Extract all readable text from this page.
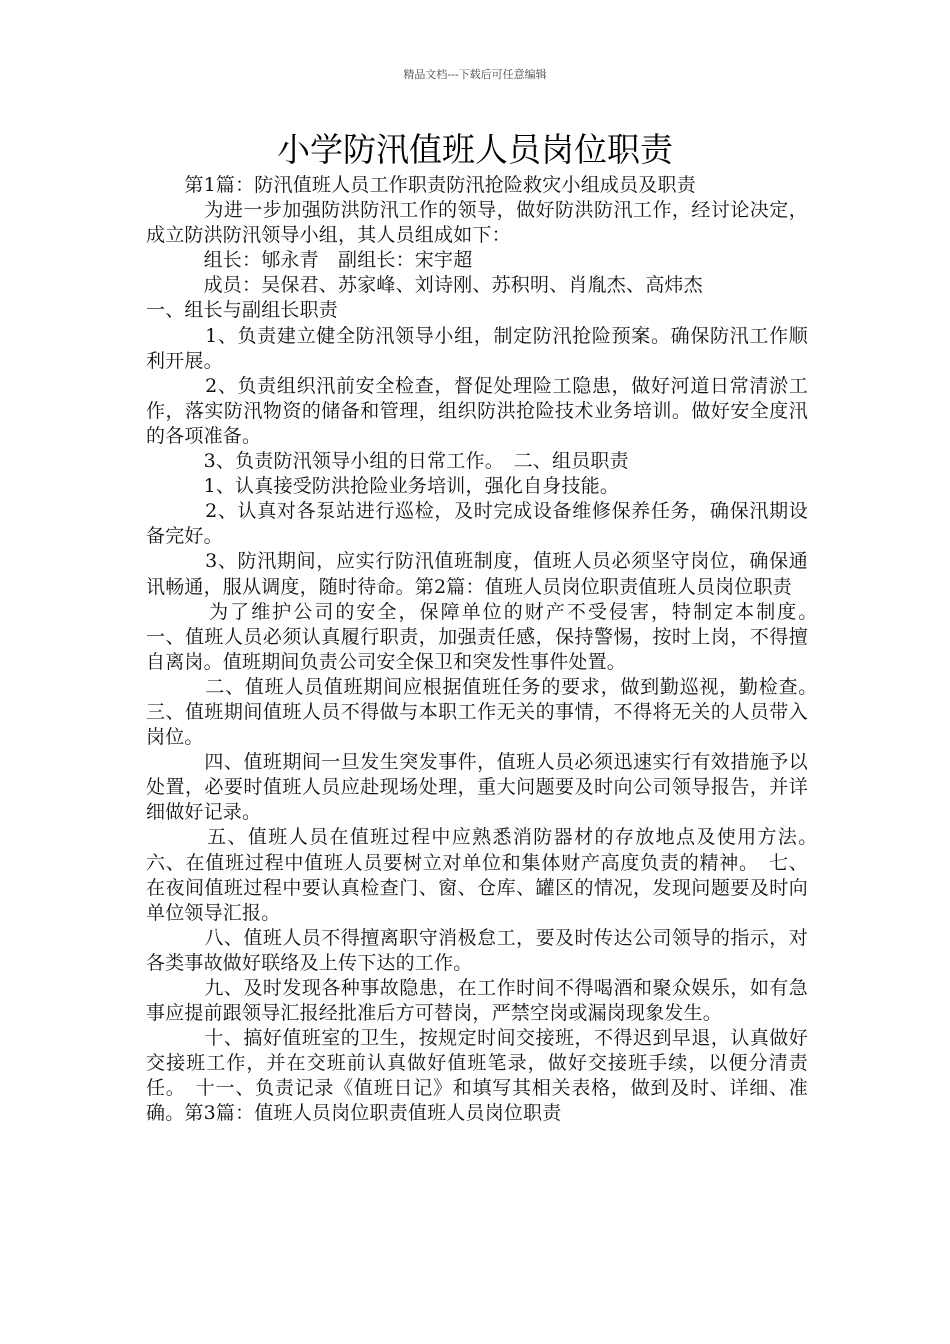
精品文档---下载后可任意编辑
小学防汛值班人员岗位职责

　　第1篇：防汛值班人员工作职责防汛抢险救灾小组成员及职责

　　　为进一步加强防洪防汛工作的领导，做好防洪防汛工作，经讨论决定，成立防洪防汛领导小组，其人员组成如下：

　　　组长：郇永青　副组长：宋宇超

　　　成员：吴保君、苏家峰、刘诗刚、苏积明、肖胤杰、高炜杰

一、组长与副组长职责

　　　1、负责建立健全防汛领导小组，制定防汛抢险预案。确保防汛工作顺利开展。

　　　2、负责组织汛前安全检查，督促处理险工隐患，做好河道日常清淤工作，落实防汛物资的储备和管理，组织防洪抢险技术业务培训。做好安全度汛的各项准备。

　　　3、负责防汛领导小组的日常工作。　二、组员职责

　　　1、认真接受防洪抢险业务培训，强化自身技能。

　　　2、认真对各泵站进行巡检，及时完成设备维修保养任务，确保汛期设备完好。

　　　3、防汛期间，应实行防汛值班制度，值班人员必须坚守岗位，确保通讯畅通，服从调度，随时待命。第2篇：值班人员岗位职责值班人员岗位职责

　　　为了维护公司的安全，保障单位的财产不受侵害，特制定本制度。　一、值班人员必须认真履行职责，加强责任感，保持警惕，按时上岗，不得擅自离岗。值班期间负责公司安全保卫和突发性事件处置。

　　　二、值班人员值班期间应根据值班任务的要求，做到勤巡视，勤检查。　三、值班期间值班人员不得做与本职工作无关的事情，不得将无关的人员带入岗位。

　　　四、值班期间一旦发生突发事件，值班人员必须迅速实行有效措施予以处置，必要时值班人员应赴现场处理，重大问题要及时向公司领导报告，并详细做好记录。

　　　五、值班人员在值班过程中应熟悉消防器材的存放地点及使用方法。　六、在值班过程中值班人员要树立对单位和集体财产高度负责的精神。　七、在夜间值班过程中要认真检查门、窗、仓库、罐区的情况，发现问题要及时向单位领导汇报。

　　　八、值班人员不得擅离职守消极怠工，要及时传达公司领导的指示，对各类事故做好联络及上传下达的工作。

　　　九、及时发现各种事故隐患，在工作时间不得喝酒和聚众娱乐，如有急事应提前跟领导汇报经批准后方可替岗，严禁空岗或漏岗现象发生。

　　　十、搞好值班室的卫生，按规定时间交接班，不得迟到早退，认真做好交接班工作，并在交班前认真做好值班笔录，做好交接班手续，以便分清责任。　十一、负责记录《值班日记》和填写其相关表格，做到及时、详细、准确。第3篇：值班人员岗位职责值班人员岗位职责
